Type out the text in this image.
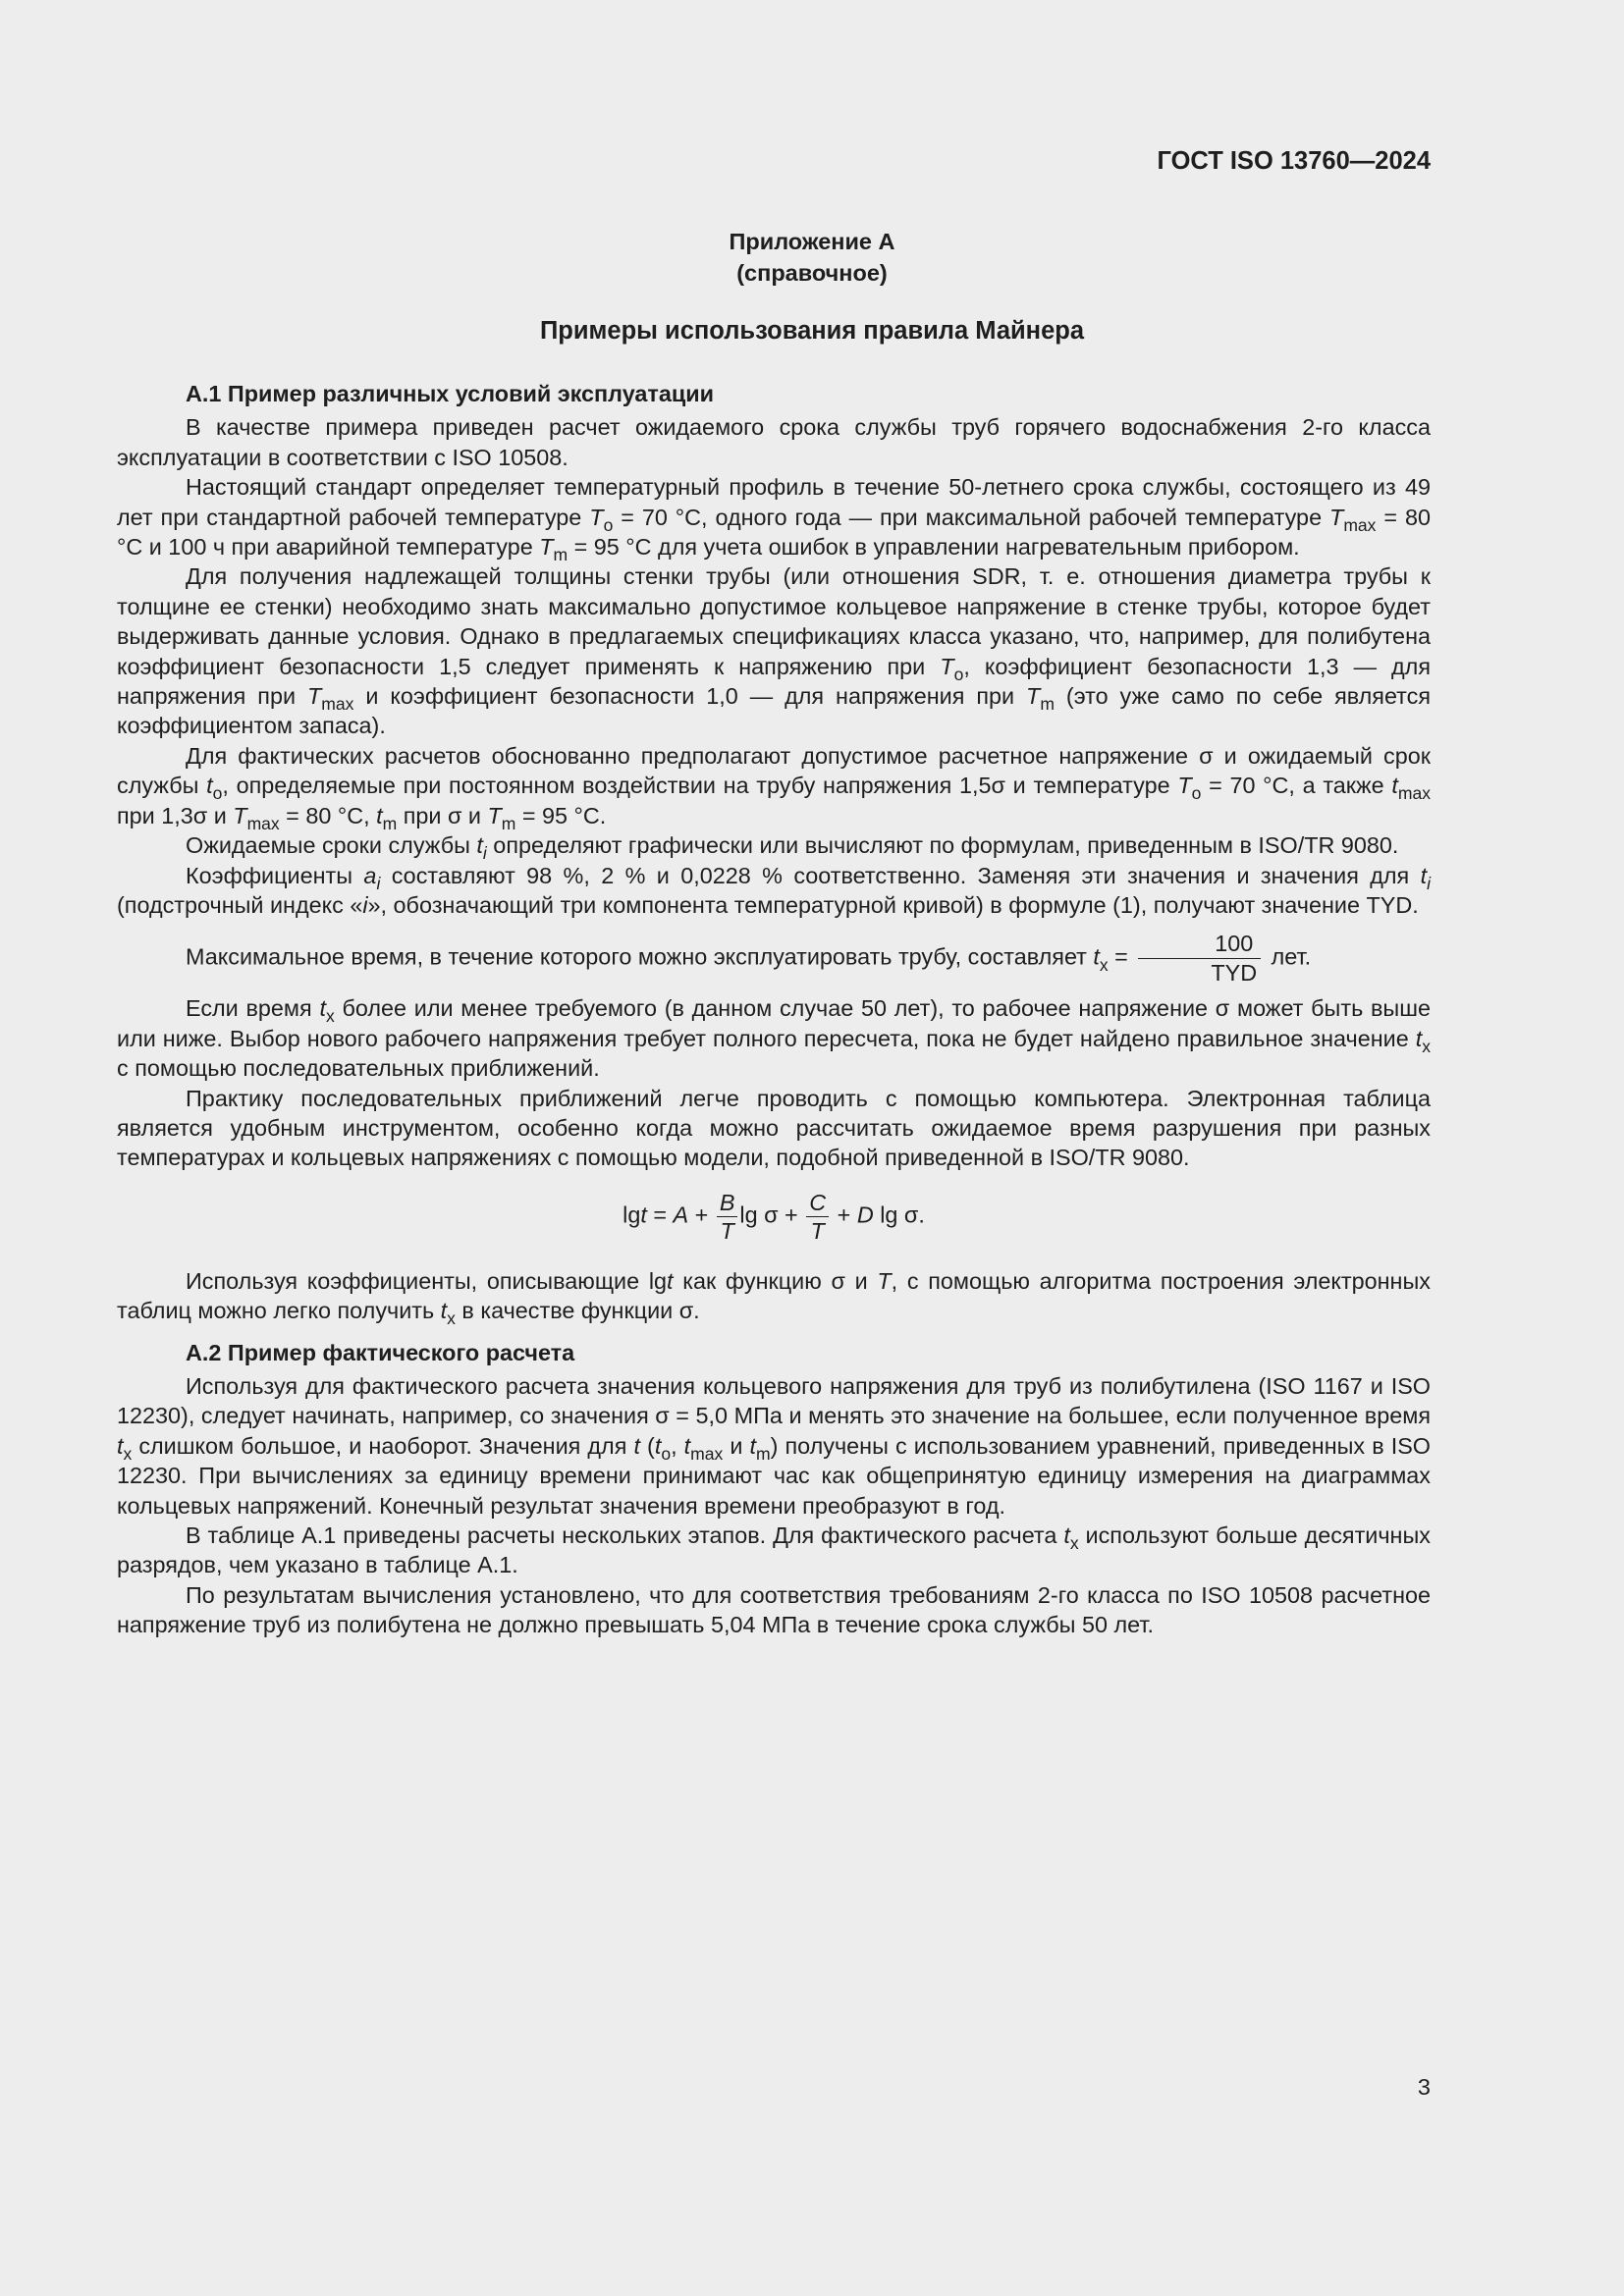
ГОСТ ISO 13760—2024
Приложение А
(справочное)
Примеры использования правила Майнера
А.1 Пример различных условий эксплуатации

В качестве примера приведен расчет ожидаемого срока службы труб горячего водоснабжения 2-го класса эксплуатации в соответствии с ISO 10508.

Настоящий стандарт определяет температурный профиль в течение 50-летнего срока службы, состоящего из 49 лет при стандартной рабочей температуре $T_o = 70$ °С, одного года — при максимальной рабочей температуре $T_{max} = 80$ °С и 100 ч при аварийной температуре $T_m = 95$ °С для учета ошибок в управлении нагревательным прибором.

Для получения надлежащей толщины стенки трубы (или отношения SDR, т. е. отношения диаметра трубы к толщине ее стенки) необходимо знать максимально допустимое кольцевое напряжение в стенке трубы, которое будет выдерживать данные условия. Однако в предлагаемых спецификациях класса указано, что, например, для полибутена коэффициент безопасности 1,5 следует применять к напряжению при $T_o$, коэффициент безопасности 1,3 — для напряжения при $T_{max}$ и коэффициент безопасности 1,0 — для напряжения при $T_m$ (это уже само по себе является коэффициентом запаса).

Для фактических расчетов обоснованно предполагают допустимое расчетное напряжение σ и ожидаемый срок службы $t_o$, определяемые при постоянном воздействии на трубу напряжения 1,5σ и температуре $T_o = 70$ °С, а также $t_{max}$ при 1,3σ и $T_{max} = 80$ °С, $t_m$ при σ и $T_m = 95$ °С.

Ожидаемые сроки службы $t_i$ определяют графически или вычисляют по формулам, приведенным в ISO/TR 9080.

Коэффициенты $a_i$ составляют 98 %, 2 % и 0,0228 % соответственно. Заменяя эти значения и значения для $t_i$ (подстрочный индекс «i», обозначающий три компонента температурной кривой) в формуле (1), получают значение TYD.

Максимальное время, в течение которого можно эксплуатировать трубу, составляет $t_x = \frac{100}{\text{TYD}}$ лет.

Если время $t_x$ более или менее требуемого (в данном случае 50 лет), то рабочее напряжение σ может быть выше или ниже. Выбор нового рабочего напряжения требует полного пересчета, пока не будет найдено правильное значение $t_x$ с помощью последовательных приближений.

Практику последовательных приближений легче проводить с помощью компьютера. Электронная таблица является удобным инструментом, особенно когда можно рассчитать ожидаемое время разрушения при разных температурах и кольцевых напряжениях с помощью модели, подобной приведенной в ISO/TR 9080.

$\lg t = A + \frac{B}{T}$ $\lg \sigma + \frac{C}{T} + D$ lg σ.

Используя коэффициенты, описывающие lgt как функцию σ и T, с помощью алгоритма построения электронных таблиц можно легко получить $t_x$ в качестве функции σ.

А.2 Пример фактического расчета

Используя для фактического расчета значения кольцевого напряжения для труб из полибутилена (ISO 1167 и ISO 12230), следует начинать, например, со значения σ = 5,0 МПа и менять это значение на большее, если полученное время $t_x$ слишком большое, и наоборот. Значения для t ($t_o$, $t_{max}$ и $t_m$) получены с использованием уравнений, приведенных в ISO 12230. При вычислениях за единицу времени принимают час как общепринятую единицу измерения на диаграммах кольцевых напряжений. Конечный результат значения времени преобразуют в год.

В таблице А.1 приведены расчеты нескольких этапов. Для фактического расчета $t_x$ используют больше десятичных разрядов, чем указано в таблице А.1.

По результатам вычисления установлено, что для соответствия требованиям 2-го класса по ISO 10508 расчетное напряжение труб из полибутена не должно превышать 5,04 МПа в течение срока службы 50 лет.

3
